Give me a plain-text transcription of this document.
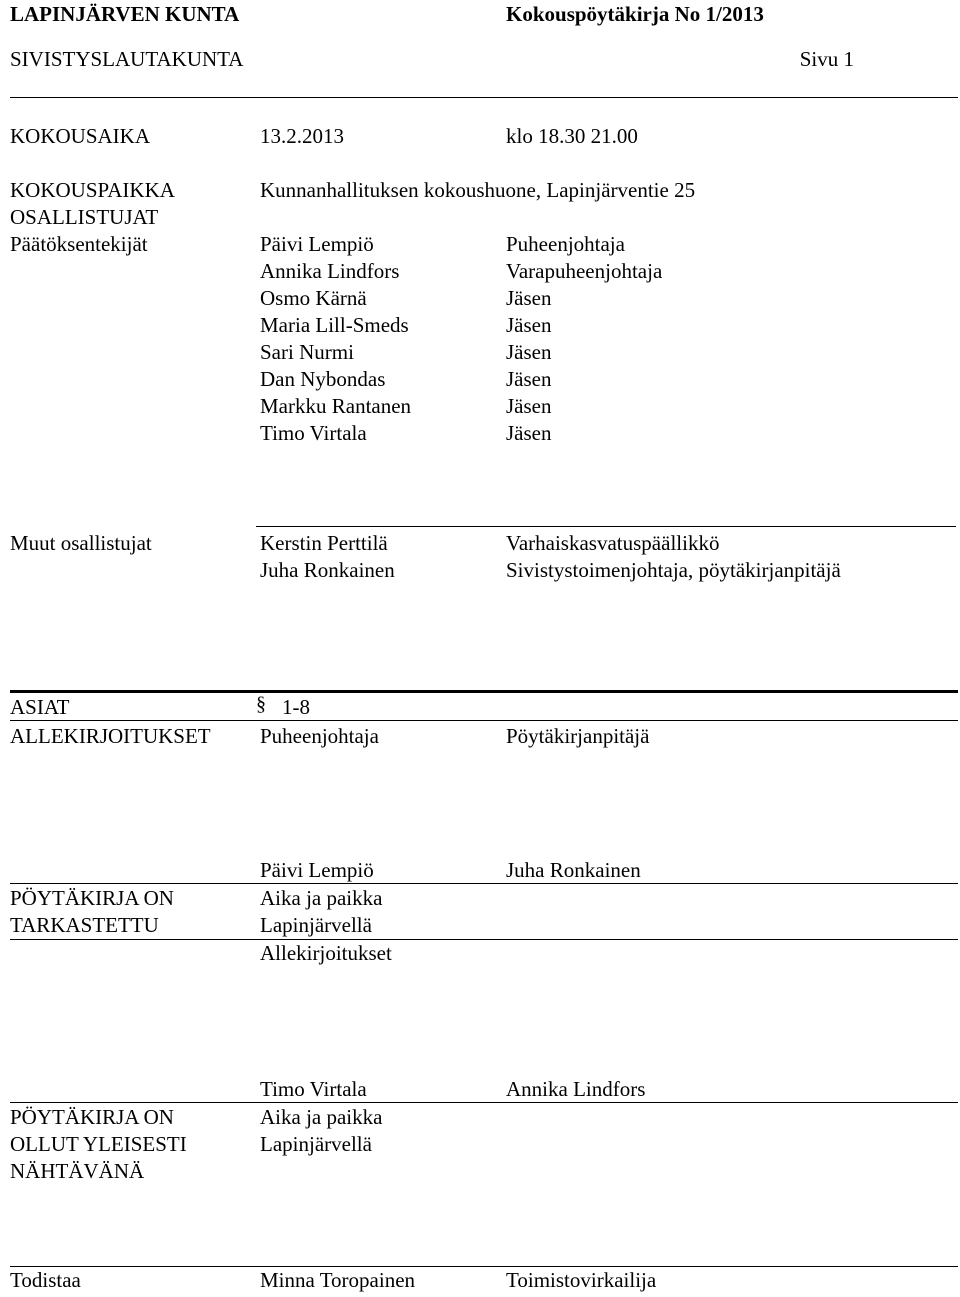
LAPINJÄRVEN KUNTA	Kokouspöytäkirja No 1/2013
SIVISTYSLAUTAKUNTA	Sivu 1
KOKOUSAIKA	13.2.2013	klo 18.30 21.00
KOKOUSPAIKKA	Kunnanhallituksen kokoushuone, Lapinjärventie 25
OSALLISTUJAT
Päätöksentekijät	Päivi Lempiö	Puheenjohtaja
Annika Lindfors	Varapuheenjohtaja
Osmo Kärnä	Jäsen
Maria Lill-Smeds	Jäsen
Sari Nurmi	Jäsen
Dan Nybondas	Jäsen
Markku Rantanen	Jäsen
Timo Virtala	Jäsen
Muut osallistujat	Kerstin Perttilä	Varhaiskasvatuspäällikkö
Juha Ronkainen	Sivistystoimenjohtaja, pöytäkirjanpitäjä
ASIAT	§ 1-8
ALLEKIRJOITUKSET Puheenjohtaja	Pöytäkirjanpitäjä
Päivi Lempiö	Juha Ronkainen
PÖYTÄKIRJA ON
TARKASTETTU
Aika ja paikka
Lapinjärvellä
Allekirjoitukset
Timo Virtala	Annika Lindfors
PÖYTÄKIRJA ON
OLLUT YLEISESTI
NÄHTÄVÄNÄ
Aika ja paikka
Lapinjärvellä
Todistaa	Minna Toropainen	Toimistovirkailija
